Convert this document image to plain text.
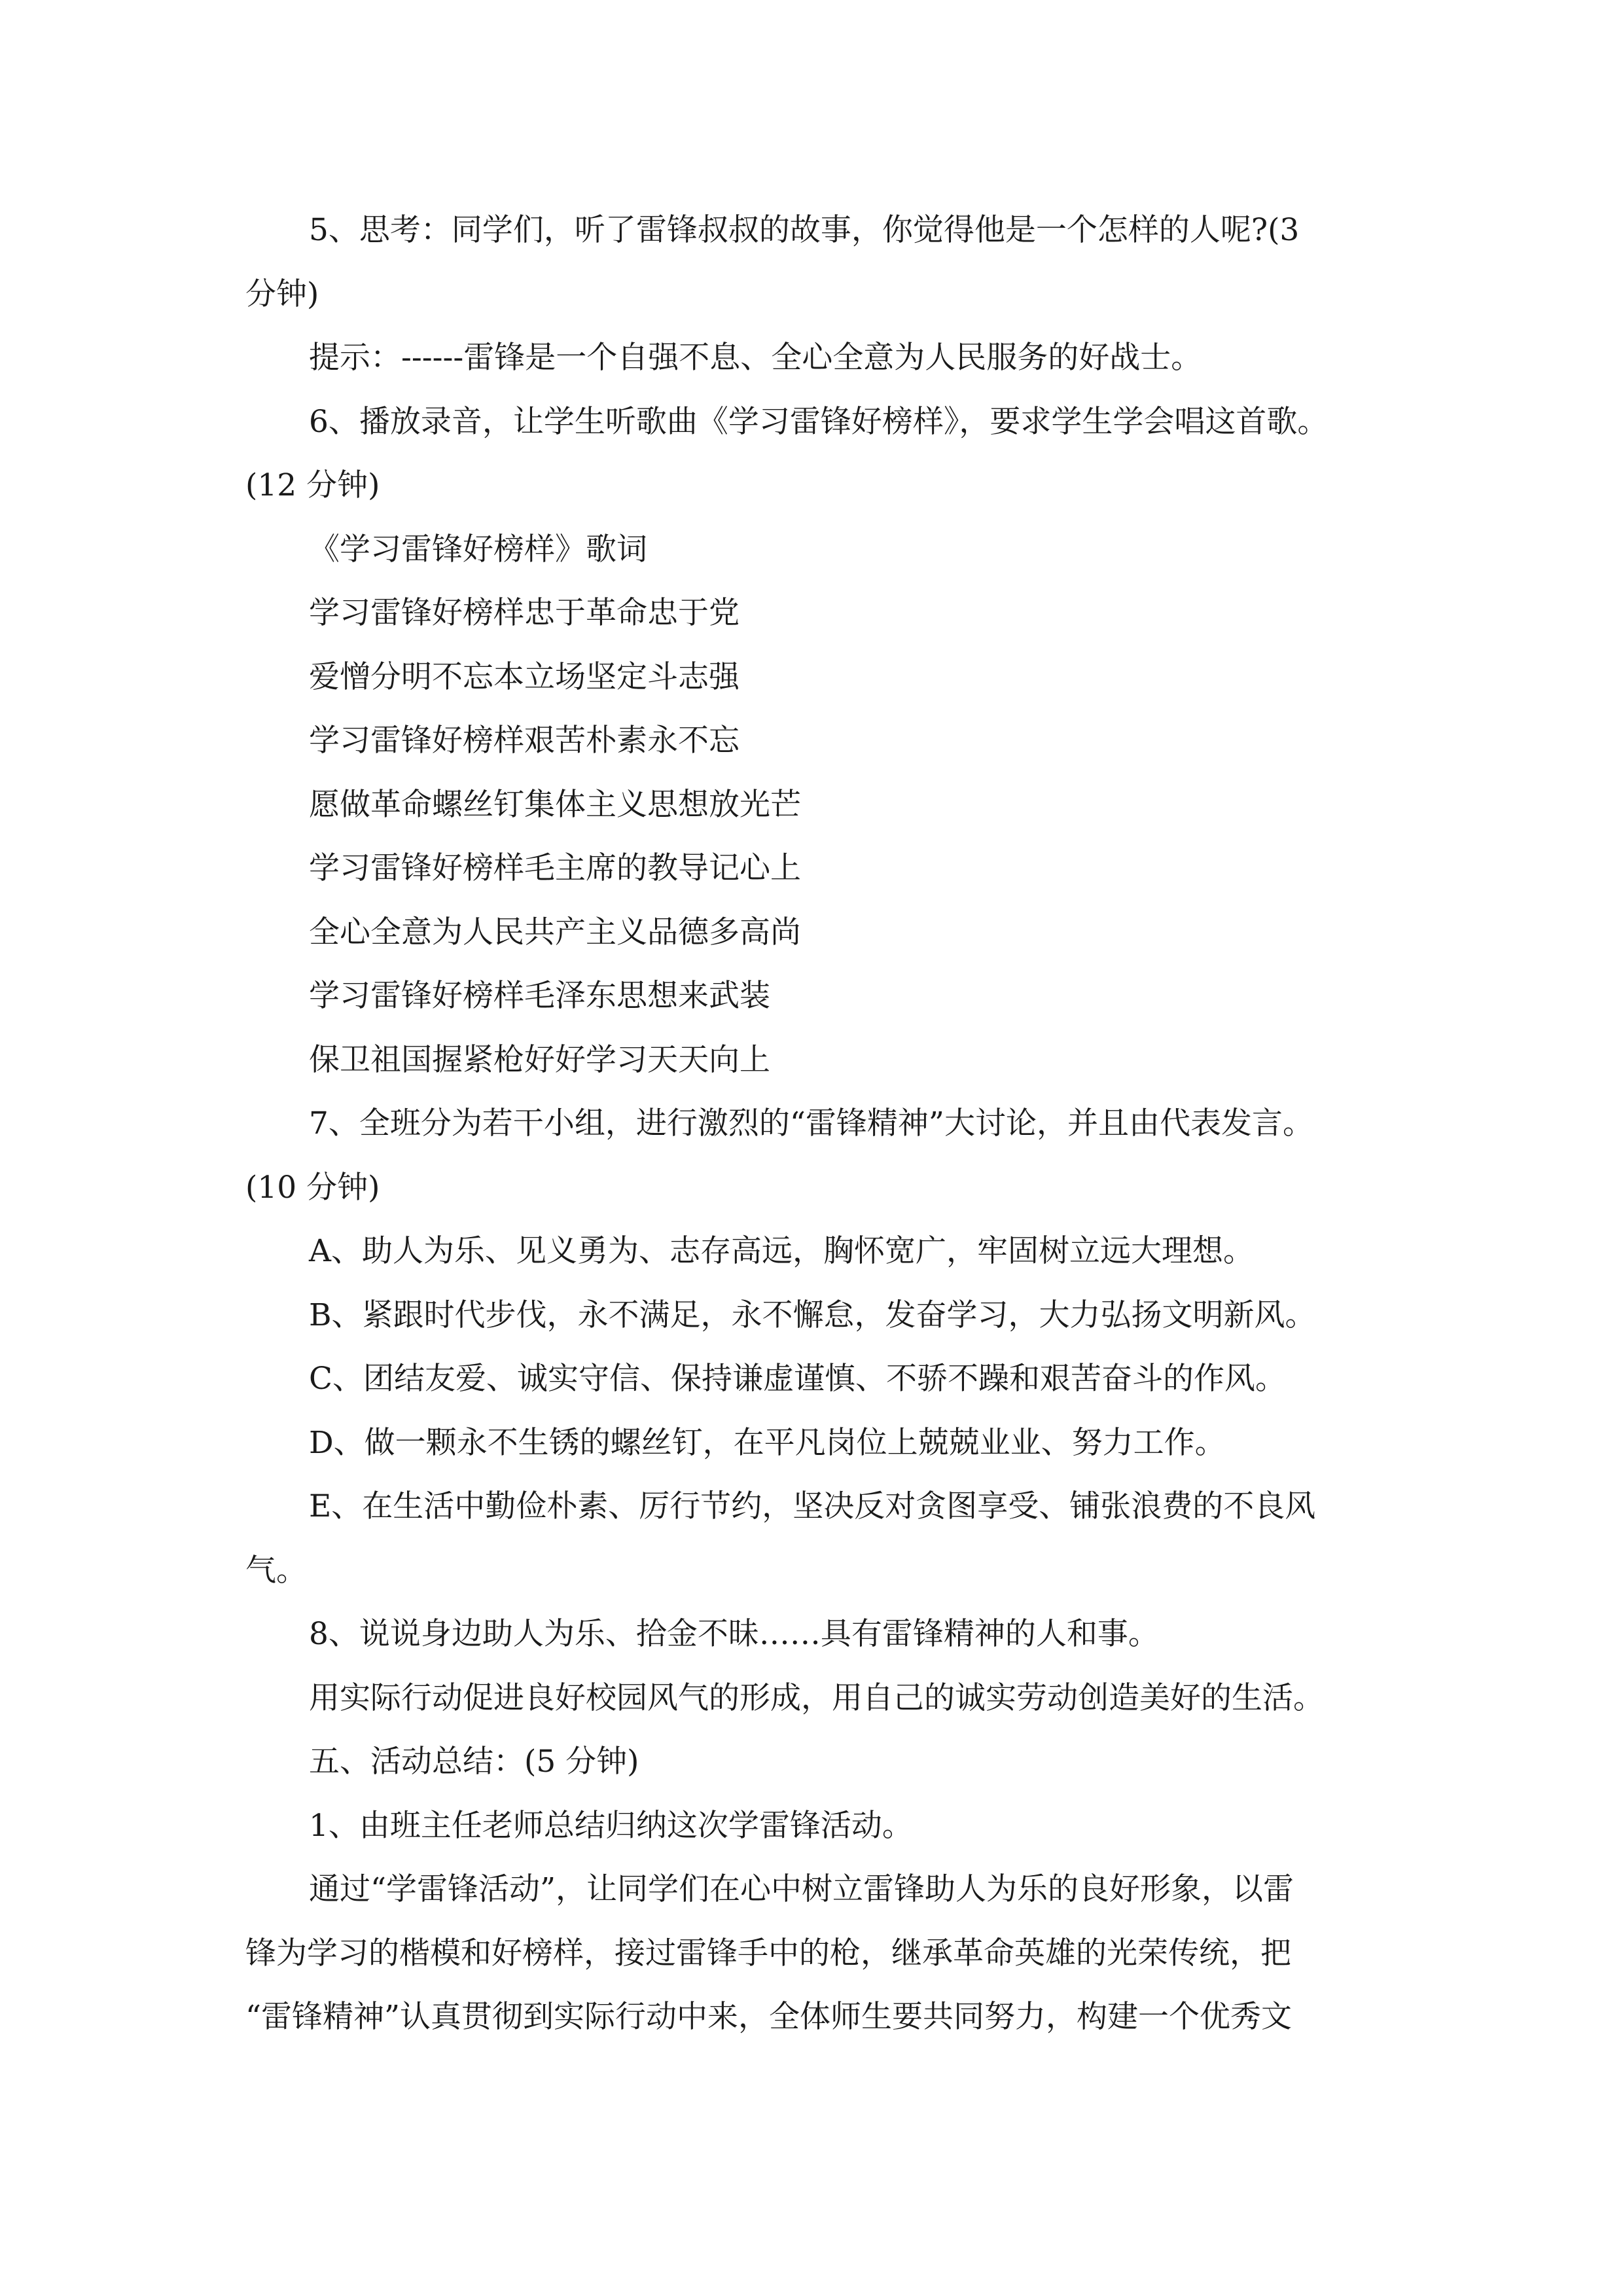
5、思考：同学们，听了雷锋叔叔的故事，你觉得他是一个怎样的人呢?(3
分钟)
提示：------雷锋是一个自强不息、全心全意为人民服务的好战士。
6、播放录音，让学生听歌曲《学习雷锋好榜样》，要求学生学会唱这首歌。
(12 分钟)
《学习雷锋好榜样》歌词
学习雷锋好榜样忠于革命忠于党
爱憎分明不忘本立场坚定斗志强
学习雷锋好榜样艰苦朴素永不忘
愿做革命螺丝钉集体主义思想放光芒
学习雷锋好榜样毛主席的教导记心上
全心全意为人民共产主义品德多高尚
学习雷锋好榜样毛泽东思想来武装
保卫祖国握紧枪好好学习天天向上
7、全班分为若干小组，进行激烈的“雷锋精神”大讨论，并且由代表发言。
(10 分钟)
A、助人为乐、见义勇为、志存高远，胸怀宽广，牢固树立远大理想。
B、紧跟时代步伐，永不满足，永不懈怠，发奋学习，大力弘扬文明新风。
C、团结友爱、诚实守信、保持谦虚谨慎、不骄不躁和艰苦奋斗的作风。
D、做一颗永不生锈的螺丝钉，在平凡岗位上兢兢业业、努力工作。
E、在生活中勤俭朴素、厉行节约，坚决反对贪图享受、铺张浪费的不良风
气。
8、说说身边助人为乐、拾金不昧……具有雷锋精神的人和事。
用实际行动促进良好校园风气的形成，用自己的诚实劳动创造美好的生活。
五、活动总结：(5 分钟)
1、由班主任老师总结归纳这次学雷锋活动。
通过“学雷锋活动”，让同学们在心中树立雷锋助人为乐的良好形象，以雷
锋为学习的楷模和好榜样，接过雷锋手中的枪，继承革命英雄的光荣传统，把
“雷锋精神”认真贯彻到实际行动中来，全体师生要共同努力，构建一个优秀文
